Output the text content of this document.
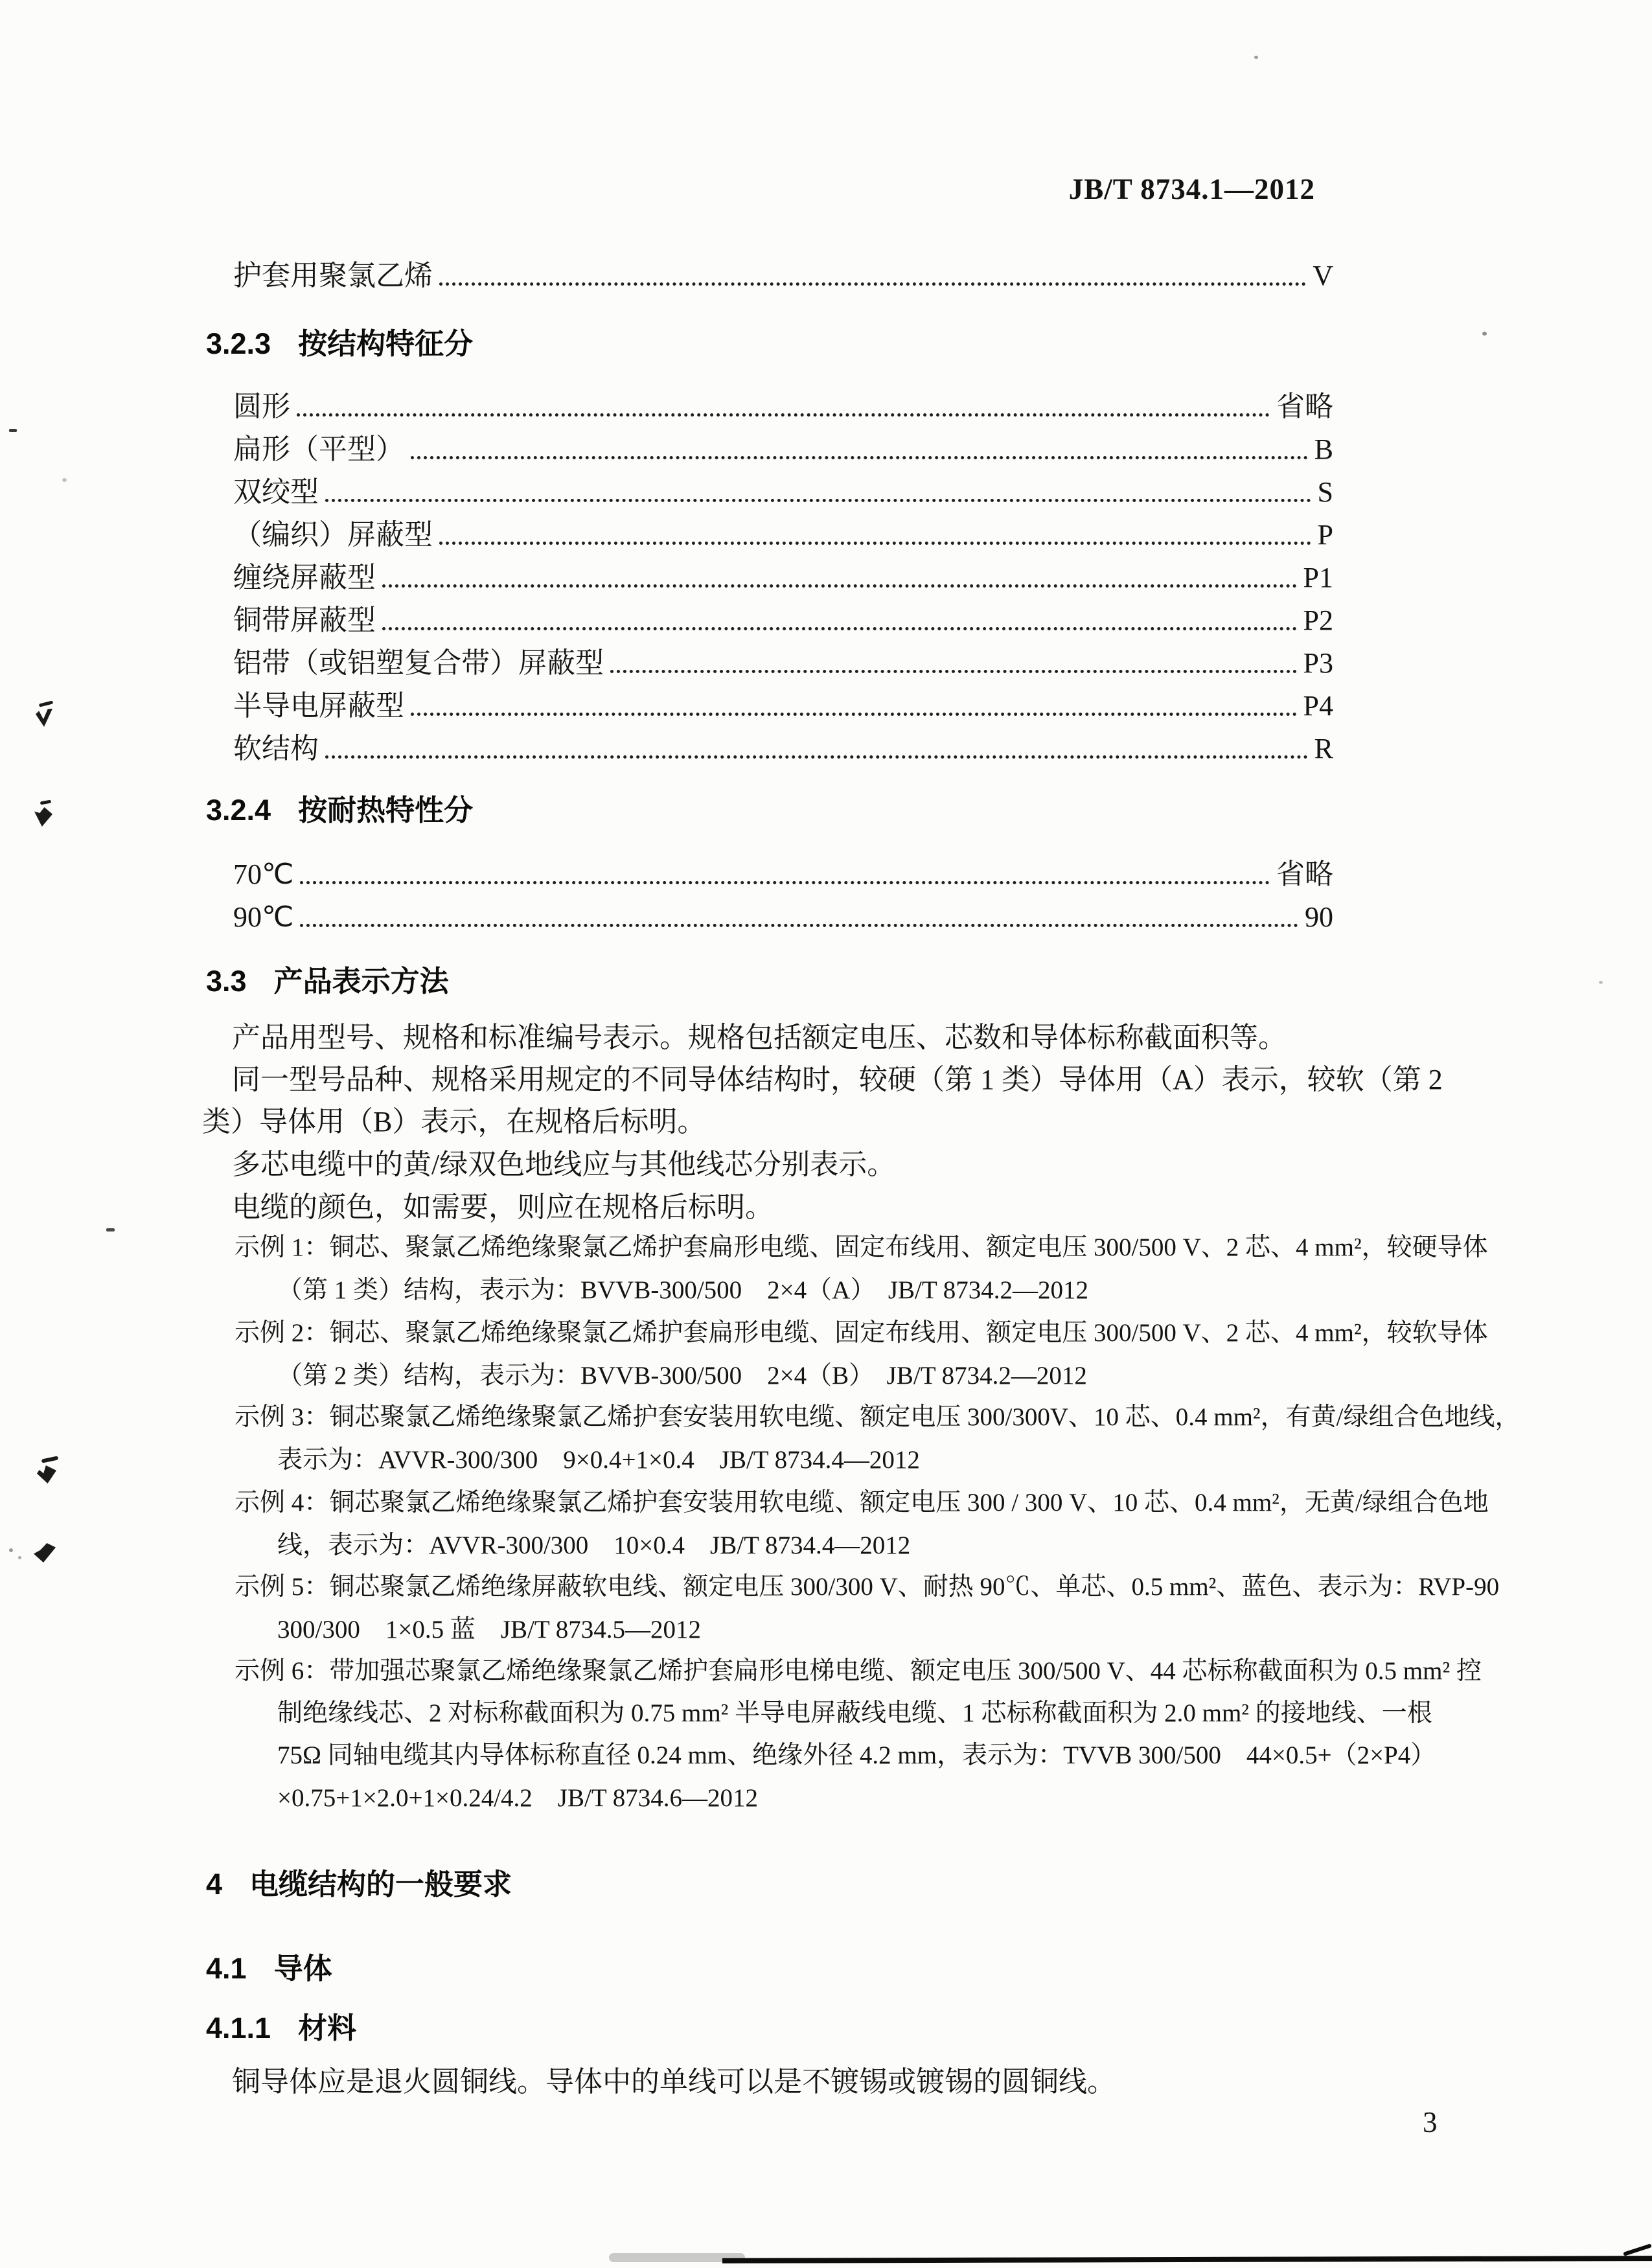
JB/T 8734.1—2012
护套用聚氯乙烯	V
3.2.3 按结构特征分
圆形	省略
扁形（平型）	B
双绞型	S
（编织）屏蔽型	P
缠绕屏蔽型	P1
铜带屏蔽型	P2
铝带（或铝塑复合带）屏蔽型	P3
半导电屏蔽型	P4
软结构	R
3.2.4 按耐热特性分
70℃	省略
90℃	90
3.3 产品表示方法
产品用型号、规格和标准编号表示。规格包括额定电压、芯数和导体标称截面积等。
同一型号品种、规格采用规定的不同导体结构时，较硬（第 1 类）导体用（A）表示，较软（第 2
类）导体用（B）表示，在规格后标明。
多芯电缆中的黄/绿双色地线应与其他线芯分别表示。
电缆的颜色，如需要，则应在规格后标明。
示例 1：铜芯、聚氯乙烯绝缘聚氯乙烯护套扁形电缆、固定布线用、额定电压 300/500 V、2 芯、4 mm²，较硬导体
（第 1 类）结构，表示为：BVVB-300/500　2×4（A）　JB/T 8734.2—2012
示例 2：铜芯、聚氯乙烯绝缘聚氯乙烯护套扁形电缆、固定布线用、额定电压 300/500 V、2 芯、4 mm²，较软导体
（第 2 类）结构，表示为：BVVB-300/500　2×4（B）　JB/T 8734.2—2012
示例 3：铜芯聚氯乙烯绝缘聚氯乙烯护套安装用软电缆、额定电压 300/300V、10 芯、0.4 mm²，有黄/绿组合色地线，
表示为：AVVR-300/300　9×0.4+1×0.4　JB/T 8734.4—2012
示例 4：铜芯聚氯乙烯绝缘聚氯乙烯护套安装用软电缆、额定电压 300 / 300 V、10 芯、0.4 mm²，无黄/绿组合色地
线，表示为：AVVR-300/300　10×0.4　JB/T 8734.4—2012
示例 5：铜芯聚氯乙烯绝缘屏蔽软电线、额定电压 300/300 V、耐热 90℃、单芯、0.5 mm²、蓝色、表示为：RVP-90
300/300　1×0.5 蓝　JB/T 8734.5—2012
示例 6：带加强芯聚氯乙烯绝缘聚氯乙烯护套扁形电梯电缆、额定电压 300/500 V、44 芯标称截面积为 0.5 mm² 控
制绝缘线芯、2 对标称截面积为 0.75 mm² 半导电屏蔽线电缆、1 芯标称截面积为 2.0 mm² 的接地线、一根
75Ω 同轴电缆其内导体标称直径 0.24 mm、绝缘外径 4.2 mm，表示为：TVVB 300/500　44×0.5+（2×P4）
×0.75+1×2.0+1×0.24/4.2　JB/T 8734.6—2012
4 电缆结构的一般要求
4.1 导体
4.1.1 材料
铜导体应是退火圆铜线。导体中的单线可以是不镀锡或镀锡的圆铜线。
3
